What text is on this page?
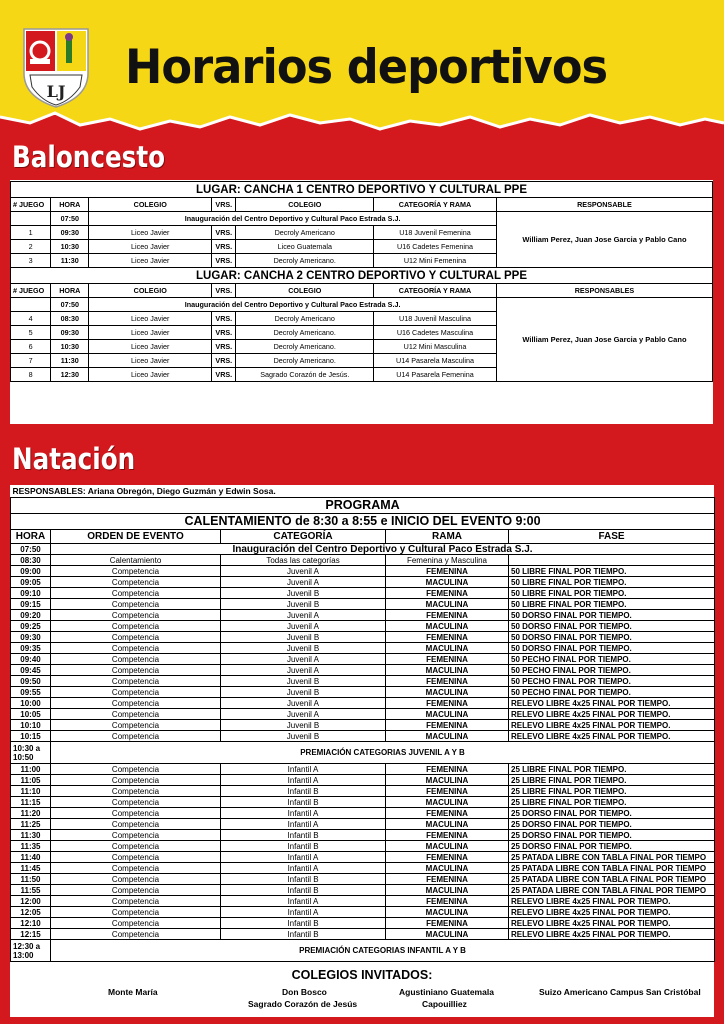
LJ Horarios deportivos
Baloncesto
LUGAR: CANCHA 1 CENTRO DEPORTIVO Y CULTURAL PPE						
# JUEGO	HORA	COLEGIO	VRS.	COLEGIO	CATEGORÍA Y RAMA	RESPONSABLE
	07:50	Inauguración del Centro Deportivo y Cultural Paco Estrada S.J.				William Perez, Juan Jose Garcia y Pablo Cano
1	09:30	Liceo Javier	VRS.	Decroly Americano	U18 Juvenil Femenina	
2	10:30	Liceo Javier	VRS.	Liceo Guatemala	U16 Cadetes Femenina	
3	11:30	Liceo Javier	VRS.	Decroly Americano.	U12 Mini Femenina	
LUGAR: CANCHA 2 CENTRO DEPORTIVO Y CULTURAL PPE						
# JUEGO	HORA	COLEGIO	VRS.	COLEGIO	CATEGORÍA Y RAMA	RESPONSABLES
	07:50	Inauguración del Centro Deportivo y Cultural Paco Estrada S.J.				William Perez, Juan Jose Garcia y Pablo Cano
4	08:30	Liceo Javier	VRS.	Decroly Americano	U18 Juvenil Masculina	
5	09:30	Liceo Javier	VRS.	Decroly Americano.	U16 Cadetes Masculina	
6	10:30	Liceo Javier	VRS.	Decroly Americano.	U12 Mini Masculina	
7	11:30	Liceo Javier	VRS.	Decroly Americano.	U14 Pasarela Masculina	
8	12:30	Liceo Javier	VRS.	Sagrado Corazón de Jesús.	U14 Pasarela Femenina	
Natación
RESPONSABLES: Ariana Obregón, Diego Guzmán y Edwin Sosa.				
PROGRAMA				
CALENTAMIENTO de 8:30 a 8:55 e INICIO DEL EVENTO 9:00				
HORA	ORDEN DE EVENTO	CATEGORÍA	RAMA	FASE
07:50	Inauguración del Centro Deportivo y Cultural Paco Estrada S.J.			
08:30	Calentamiento	Todas las categorías	Femenina y Masculina	
09:00	Competencia	Juvenil A	FEMENINA	50 LIBRE FINAL POR TIEMPO.
09:05	Competencia	Juvenil A	MACULINA	50 LIBRE FINAL POR TIEMPO.
09:10	Competencia	Juvenil B	FEMENINA	50 LIBRE FINAL POR TIEMPO.
09:15	Competencia	Juvenil B	MACULINA	50 LIBRE FINAL POR TIEMPO.
09:20	Competencia	Juvenil A	FEMENINA	50 DORSO FINAL POR TIEMPO.
09:25	Competencia	Juvenil A	MACULINA	50 DORSO FINAL POR TIEMPO.
09:30	Competencia	Juvenil B	FEMENINA	50 DORSO FINAL POR TIEMPO.
09:35	Competencia	Juvenil B	MACULINA	50 DORSO FINAL POR TIEMPO.
09:40	Competencia	Juvenil A	FEMENINA	50 PECHO FINAL POR TIEMPO.
09:45	Competencia	Juvenil A	MACULINA	50 PECHO FINAL POR TIEMPO.
09:50	Competencia	Juvenil B	FEMENINA	50 PECHO FINAL POR TIEMPO.
09:55	Competencia	Juvenil B	MACULINA	50 PECHO FINAL POR TIEMPO.
10:00	Competencia	Juvenil A	FEMENINA	RELEVO LIBRE 4x25 FINAL POR TIEMPO.
10:05	Competencia	Juvenil A	MACULINA	RELEVO LIBRE 4x25 FINAL POR TIEMPO.
10:10	Competencia	Juvenil B	FEMENINA	RELEVO LIBRE 4x25 FINAL POR TIEMPO.
10:15	Competencia	Juvenil B	MACULINA	RELEVO LIBRE 4x25 FINAL POR TIEMPO.
10:30 a 10:50	PREMIACIÓN CATEGORIAS JUVENIL A Y B			
11:00	Competencia	Infantil A	FEMENINA	25 LIBRE FINAL POR TIEMPO.
11:05	Competencia	Infantil A	MACULINA	25 LIBRE FINAL POR TIEMPO.
11:10	Competencia	Infantil B	FEMENINA	25 LIBRE FINAL POR TIEMPO.
11:15	Competencia	Infantil B	MACULINA	25 LIBRE FINAL POR TIEMPO.
11:20	Competencia	Infantil A	FEMENINA	25 DORSO FINAL POR TIEMPO.
11:25	Competencia	Infantil A	MACULINA	25 DORSO FINAL POR TIEMPO.
11:30	Competencia	Infantil B	FEMENINA	25 DORSO FINAL POR TIEMPO.
11:35	Competencia	Infantil B	MACULINA	25 DORSO FINAL POR TIEMPO.
11:40	Competencia	Infantil A	FEMENINA	25 PATADA LIBRE CON TABLA FINAL POR TIEMPO
11:45	Competencia	Infantil A	MACULINA	25 PATADA LIBRE CON TABLA FINAL POR TIEMPO
11:50	Competencia	Infantil B	FEMENINA	25 PATADA LIBRE CON TABLA FINAL POR TIEMPO
11:55	Competencia	Infantil B	MACULINA	25 PATADA LIBRE CON TABLA FINAL POR TIEMPO
12:00	Competencia	Infantil A	FEMENINA	RELEVO LIBRE 4x25 FINAL POR TIEMPO.
12:05	Competencia	Infantil A	MACULINA	RELEVO LIBRE 4x25 FINAL POR TIEMPO.
12:10	Competencia	Infantil B	FEMENINA	RELEVO LIBRE 4x25 FINAL POR TIEMPO.
12:15	Competencia	Infantil B	MACULINA	RELEVO LIBRE 4x25 FINAL POR TIEMPO.
12:30 a 13:00	PREMIACIÓN CATEGORIAS INFANTIL A Y B			
COLEGIOS INVITADOS:
Monte María	Don Bosco	Agustiniano Guatemala	Suizo Americano Campus San Cristóbal
Sagrado Corazón de Jesús	Capouilliez
